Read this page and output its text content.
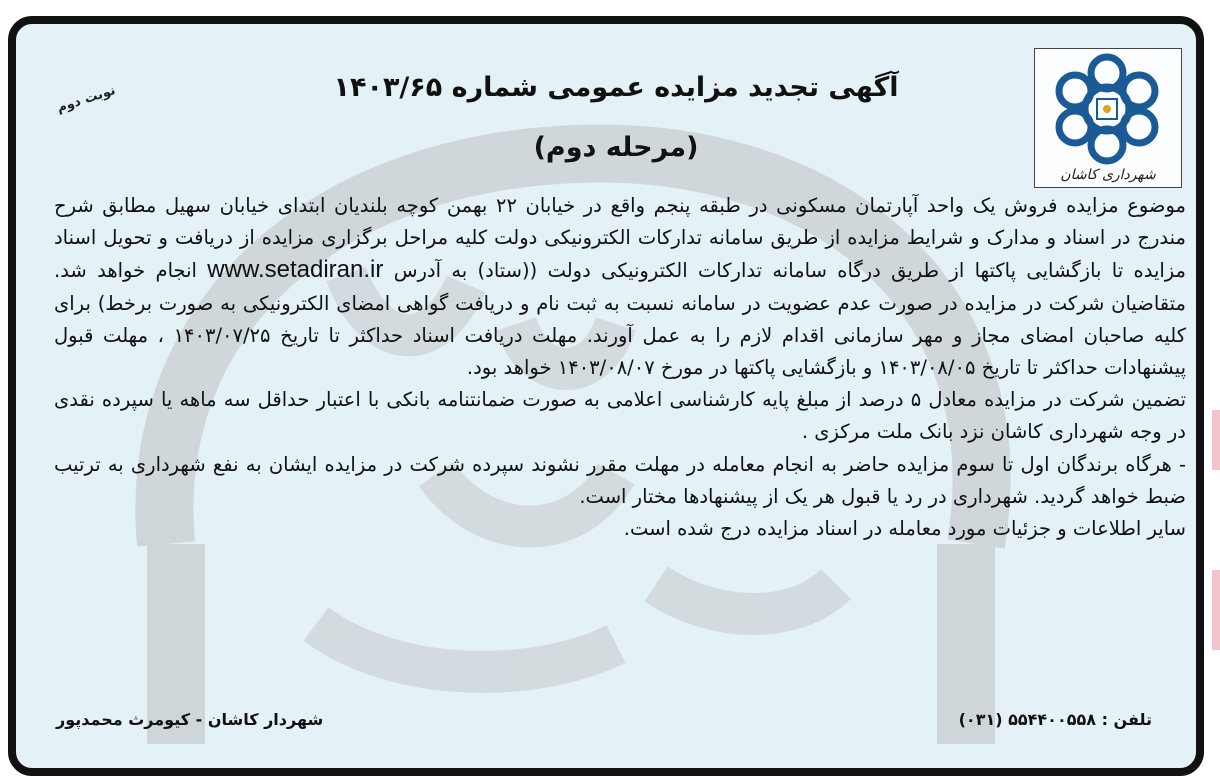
شهرداری کاشان
نوبت دوم	آگهی تجدید مزایده عمومی شماره ۱۴۰۳/۶۵
(مرحله دوم)

موضوع مزایده فروش یک واحد آپارتمان مسکونی در طبقه پنجم واقع در خیابان ۲۲ بهمن کوچه بلندیان ابتدای خیابان سهیل مطابق شرح مندرج در اسناد و مدارک و شرایط مزایده از طریق سامانه تدارکات الکترونیکی دولت کلیه مراحل برگزاری مزایده از دریافت و تحویل اسناد مزایده تا بازگشایی پاکتها از طریق درگاه سامانه تدارکات الکترونیکی دولت ((ستاد) به آدرس www.setadiran.ir انجام خواهد شد. متقاضیان شرکت در مزایده در صورت عدم عضویت در سامانه نسبت به ثبت نام و دریافت گواهی امضای الکترونیکی به صورت برخط) برای کلیه صاحبان امضای مجاز و مهر سازمانی اقدام لازم را به عمل آورند. مهلت دریافت اسناد حداکثر تا تاریخ ۱۴۰۳/۰۷/۲۵ ، مهلت قبول پیشنهادات حداکثر تا تاریخ ۱۴۰۳/۰۸/۰۵ و بازگشایی پاکتها در مورخ ۱۴۰۳/۰۸/۰۷ خواهد بود.

تضمین شرکت در مزایده معادل ۵ درصد از مبلغ پایه کارشناسی اعلامی به صورت ضمانتنامه بانکی با اعتبار حداقل سه ماهه یا سپرده نقدی در وجه شهرداری کاشان نزد بانک ملت مرکزی .

- هرگاه برندگان اول تا سوم مزایده حاضر به انجام معامله در مهلت مقرر نشوند سپرده شرکت در مزایده ایشان به نفع شهرداری به ترتیب ضبط خواهد گردید. شهرداری در رد یا قبول هر یک از پیشنهادها مختار است.

سایر اطلاعات و جزئیات مورد معامله در اسناد مزایده درج شده است.

تلفن : ۵۵۴۴۰۰۵۵۸ (۰۳۱)
شهردار کاشان - کیومرث محمدپور
